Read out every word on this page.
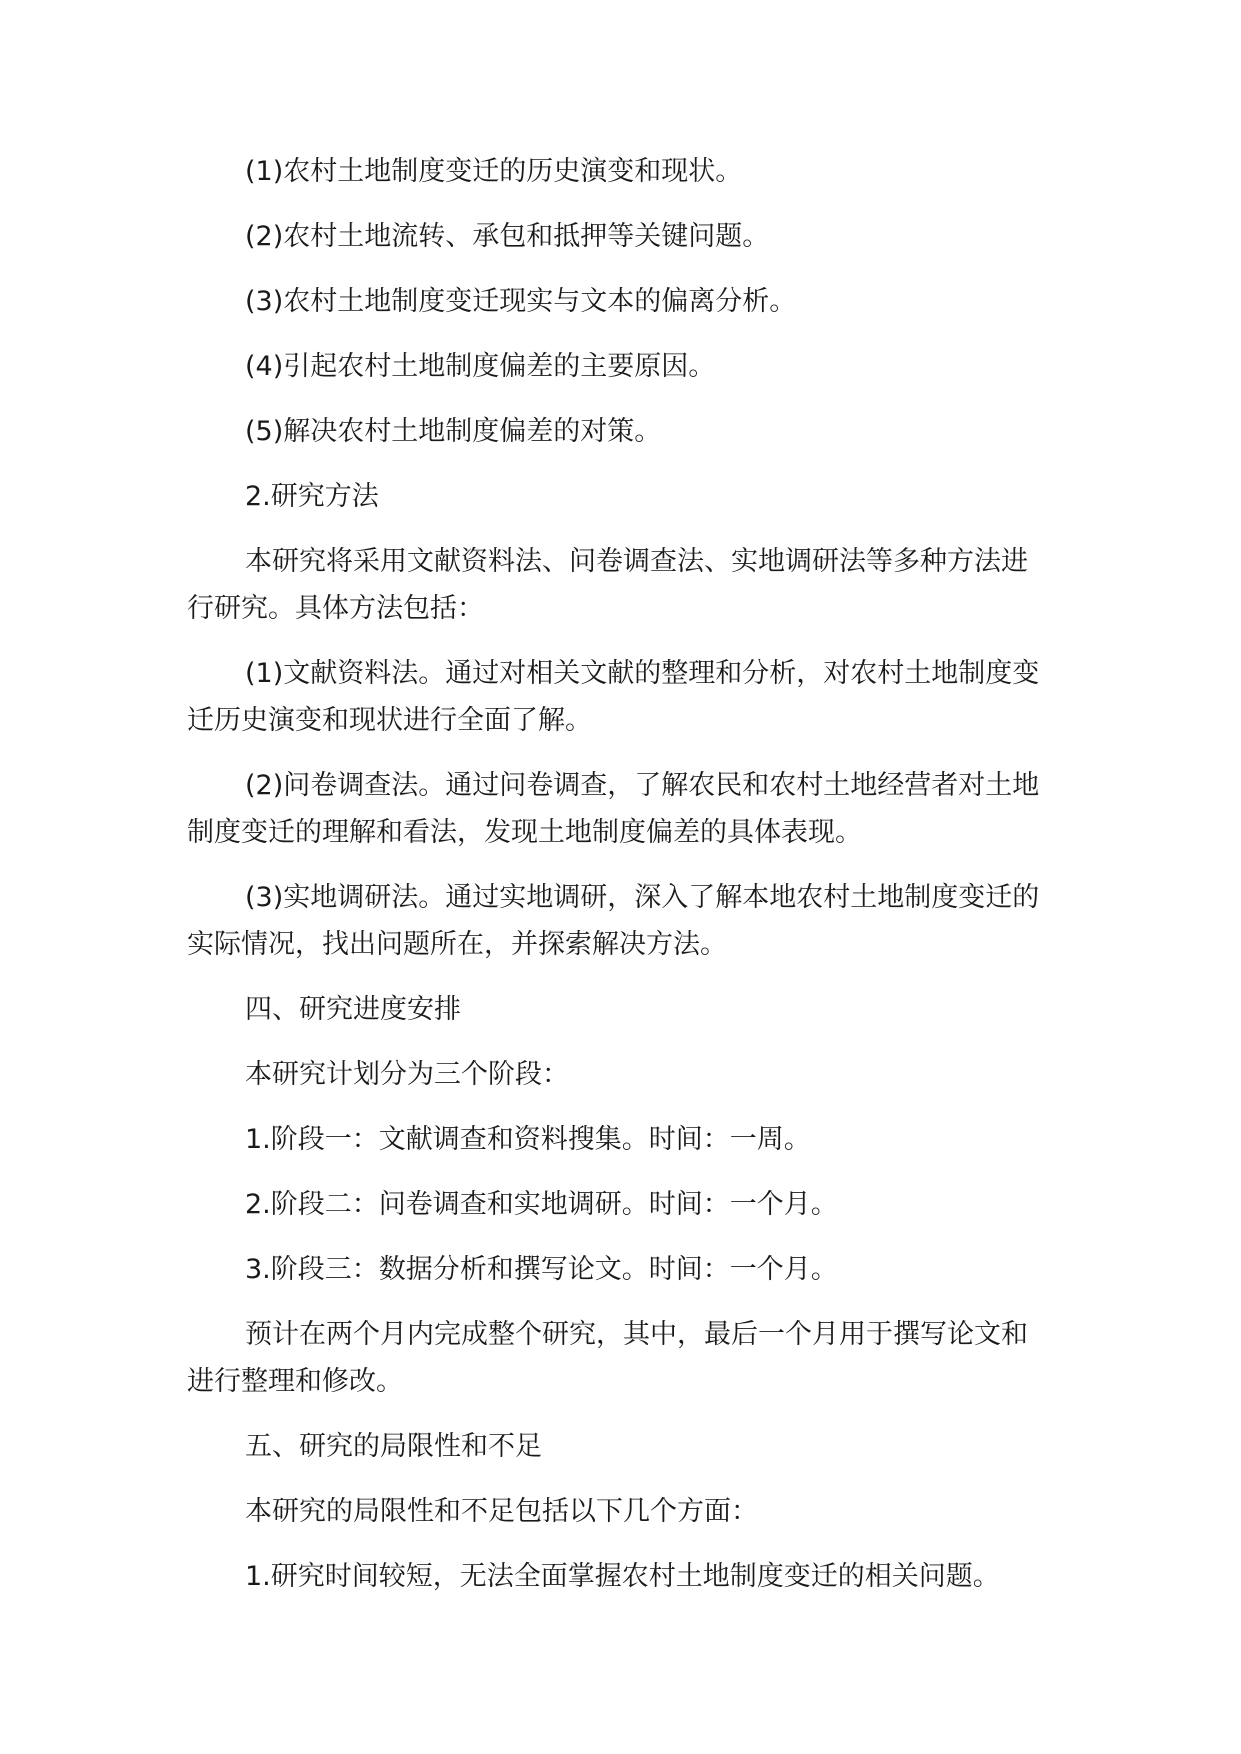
(1)农村土地制度变迁的历史演变和现状。

(2)农村土地流转、承包和抵押等关键问题。

(3)农村土地制度变迁现实与文本的偏离分析。

(4)引起农村土地制度偏差的主要原因。

(5)解决农村土地制度偏差的对策。

2.研究方法

本研究将采用文献资料法、问卷调查法、实地调研法等多种方法进行研究。具体方法包括：

(1)文献资料法。通过对相关文献的整理和分析，对农村土地制度变迁历史演变和现状进行全面了解。

(2)问卷调查法。通过问卷调查，了解农民和农村土地经营者对土地制度变迁的理解和看法，发现土地制度偏差的具体表现。

(3)实地调研法。通过实地调研，深入了解本地农村土地制度变迁的实际情况，找出问题所在，并探索解决方法。

四、研究进度安排

本研究计划分为三个阶段：

1.阶段一：文献调查和资料搜集。时间：一周。

2.阶段二：问卷调查和实地调研。时间：一个月。

3.阶段三：数据分析和撰写论文。时间：一个月。

预计在两个月内完成整个研究，其中，最后一个月用于撰写论文和进行整理和修改。

五、研究的局限性和不足

本研究的局限性和不足包括以下几个方面：

1.研究时间较短，无法全面掌握农村土地制度变迁的相关问题。
